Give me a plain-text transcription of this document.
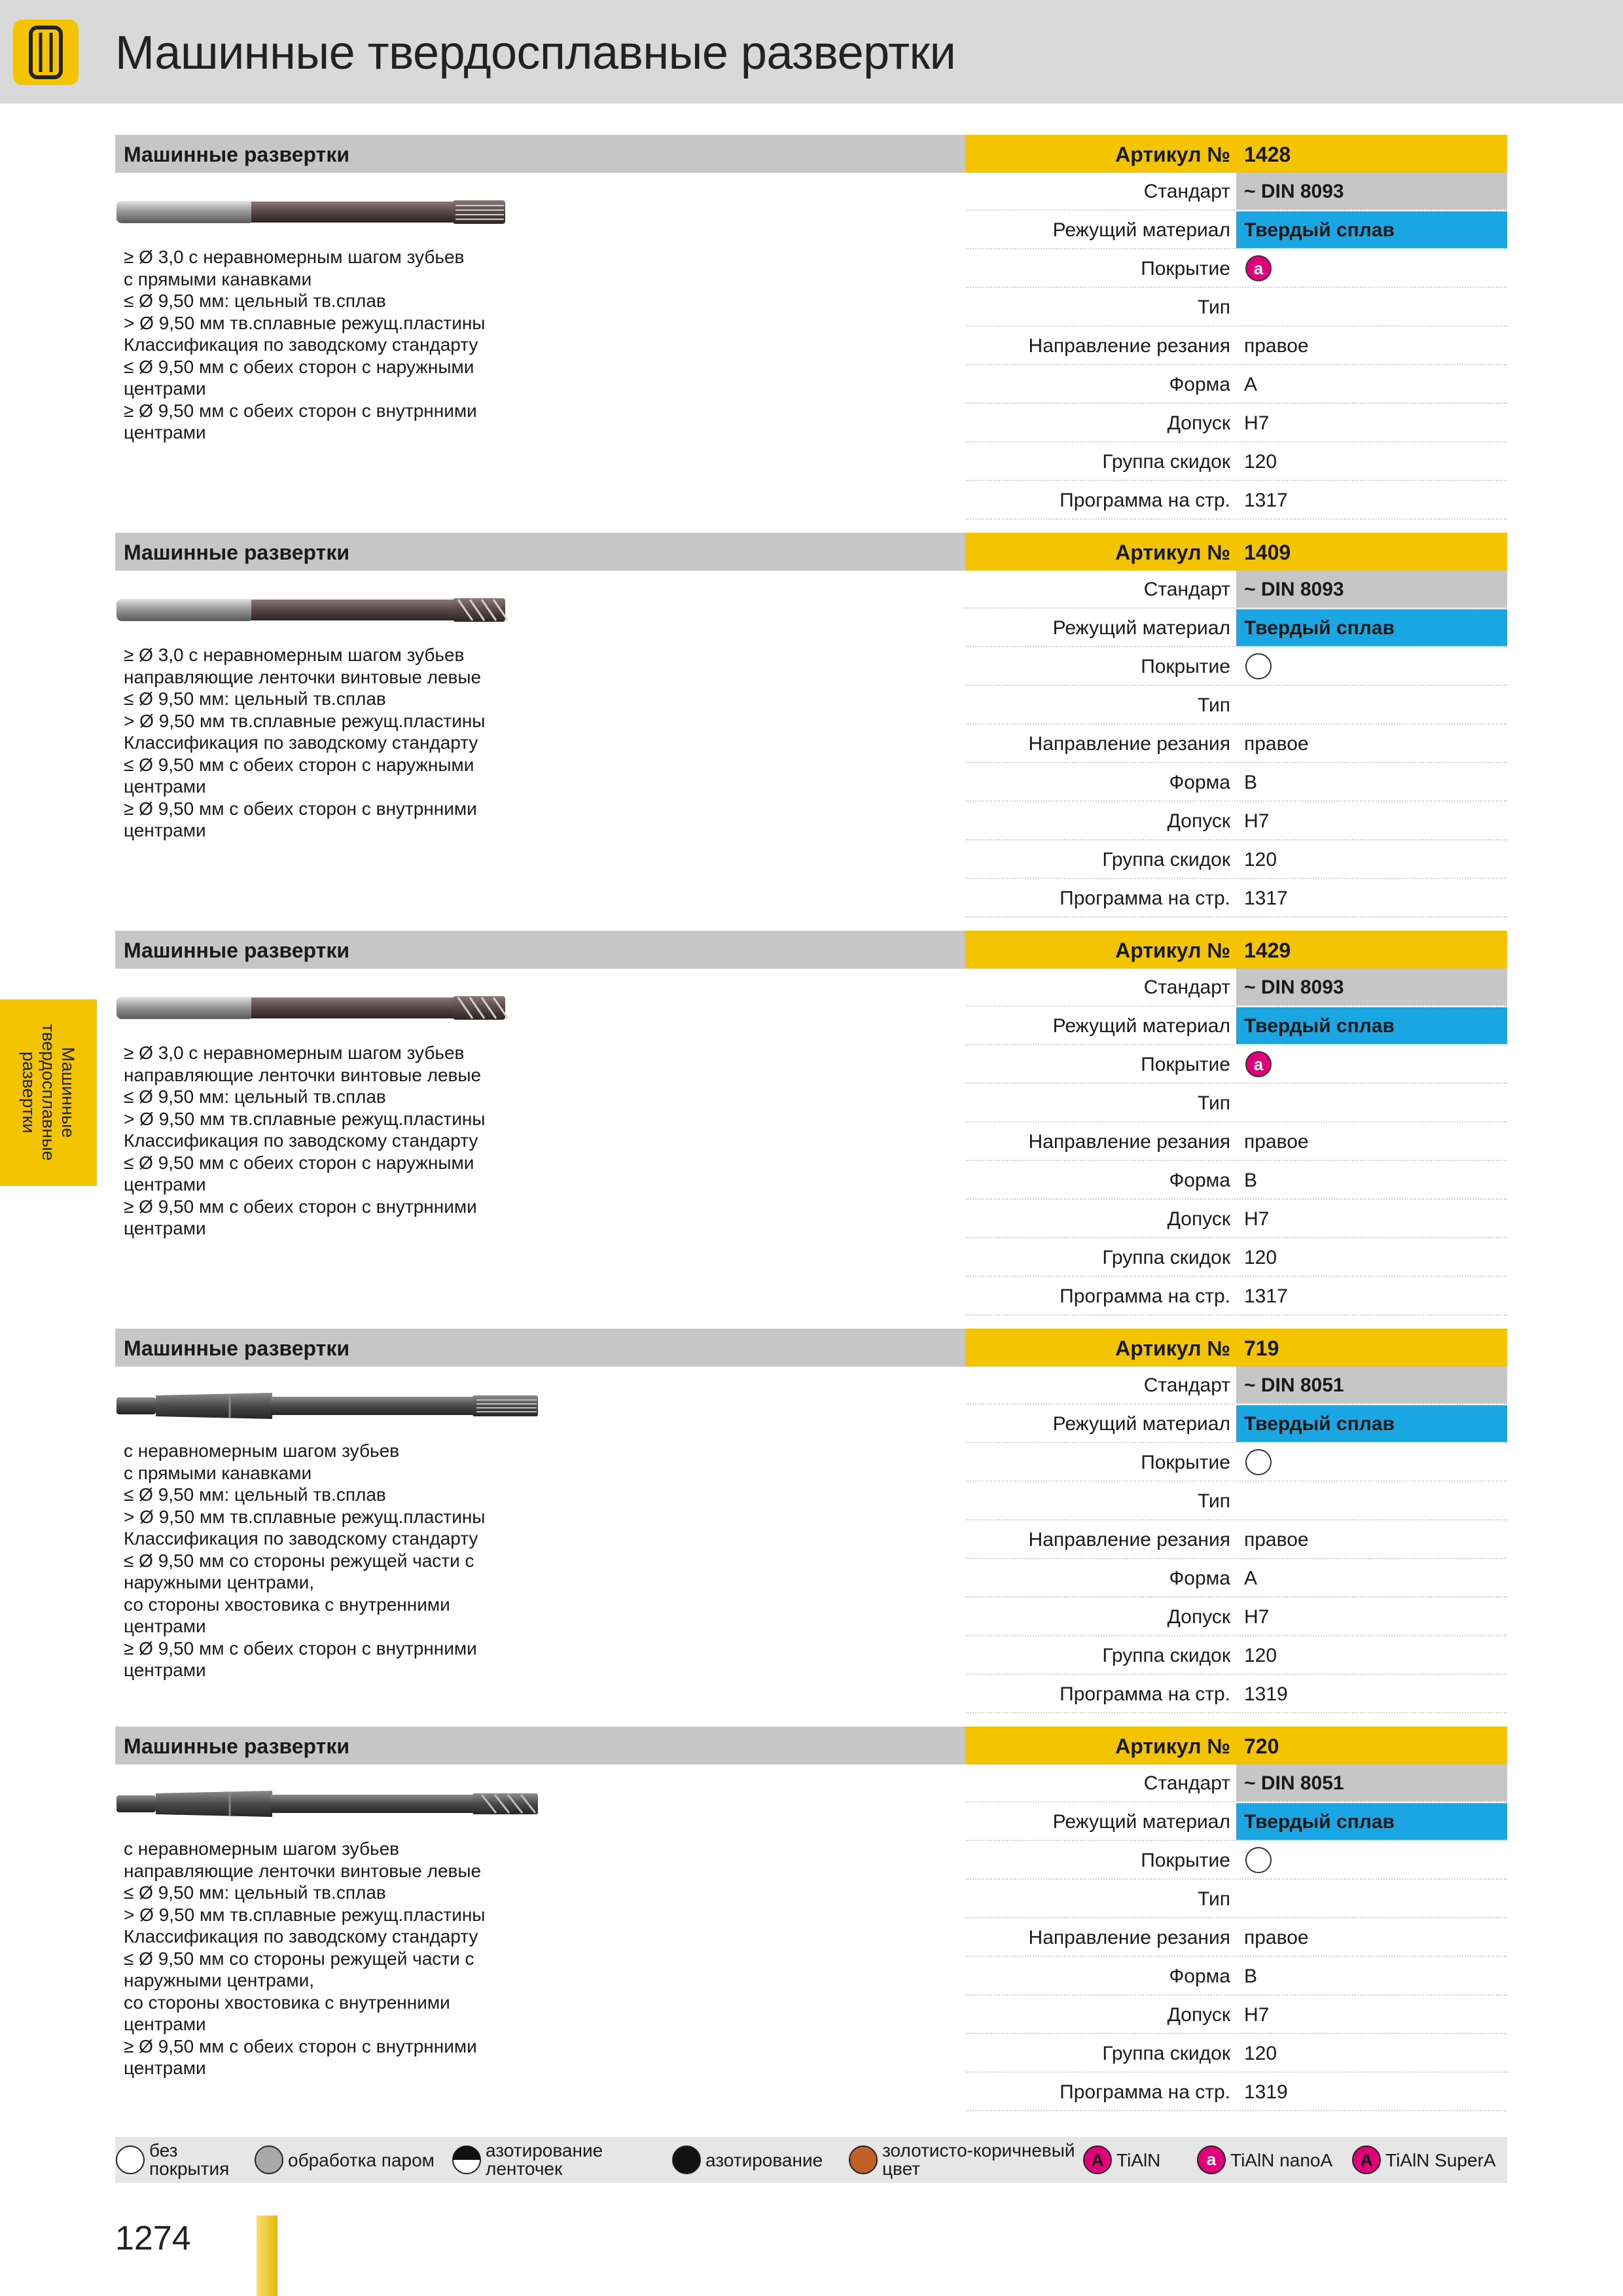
Машинные твердосплавные развертки
Машинные
твердосплавные
развертки
Машинные развертки	Артикул № 1428
≥ Ø 3,0 с неравномерным шагом зубьев
с прямыми канавками
≤ Ø 9,50 мм: цельный тв.сплав
> Ø 9,50 мм тв.сплавные режущ.пластины
Классификация по заводскому стандарту
≤ Ø 9,50 мм с обеих сторон с наружными
центрами
≥ Ø 9,50 мм с обеих сторон с внутрнними
центрами
Стандарт ~ DIN 8093
Режущий материал Твердый сплав
Покрытие a
Тип
Направление резания правое
Форма A
Допуск H7
Группа скидок 120
Программа на стр. 1317
Машинные развертки	Артикул № 1409
≥ Ø 3,0 с неравномерным шагом зубьев
направляющие ленточки винтовые левые
≤ Ø 9,50 мм: цельный тв.сплав
> Ø 9,50 мм тв.сплавные режущ.пластины
Классификация по заводскому стандарту
≤ Ø 9,50 мм с обеих сторон с наружными
центрами
≥ Ø 9,50 мм с обеих сторон с внутрнними
центрами
Стандарт ~ DIN 8093
Режущий материал Твердый сплав
Покрытие
Тип
Направление резания правое
Форма B
Допуск H7
Группа скидок 120
Программа на стр. 1317
Машинные развертки	Артикул № 1429
≥ Ø 3,0 с неравномерным шагом зубьев
направляющие ленточки винтовые левые
≤ Ø 9,50 мм: цельный тв.сплав
> Ø 9,50 мм тв.сплавные режущ.пластины
Классификация по заводскому стандарту
≤ Ø 9,50 мм с обеих сторон с наружными
центрами
≥ Ø 9,50 мм с обеих сторон с внутрнними
центрами
Стандарт ~ DIN 8093
Режущий материал Твердый сплав
Покрытие a
Тип
Направление резания правое
Форма B
Допуск H7
Группа скидок 120
Программа на стр. 1317
Машинные развертки	Артикул № 719
с неравномерным шагом зубьев
с прямыми канавками
≤ Ø 9,50 мм: цельный тв.сплав
> Ø 9,50 мм тв.сплавные режущ.пластины
Классификация по заводскому стандарту
≤ Ø 9,50 мм со стороны режущей части с
наружными центрами,
со стороны хвостовика с внутренними
центрами
≥ Ø 9,50 мм с обеих сторон с внутрнними
центрами
Стандарт ~ DIN 8051
Режущий материал Твердый сплав
Покрытие
Тип
Направление резания правое
Форма A
Допуск H7
Группа скидок 120
Программа на стр. 1319
Машинные развертки	Артикул № 720
с неравномерным шагом зубьев
направляющие ленточки винтовые левые
≤ Ø 9,50 мм: цельный тв.сплав
> Ø 9,50 мм тв.сплавные режущ.пластины
Классификация по заводскому стандарту
≤ Ø 9,50 мм со стороны режущей части с
наружными центрами,
со стороны хвостовика с внутренними
центрами
≥ Ø 9,50 мм с обеих сторон с внутрнними
центрами
Стандарт ~ DIN 8051
Режущий материал Твердый сплав
Покрытие
Тип
Направление резания правое
Форма B
Допуск H7
Группа скидок 120
Программа на стр. 1319
без
покрытия	обработка паром	азотирование
ленточек	азотирование	золотисто-коричневый
цвет	A TiAlN	a TiAlN nanoA A TiAlN SuperA
1274
